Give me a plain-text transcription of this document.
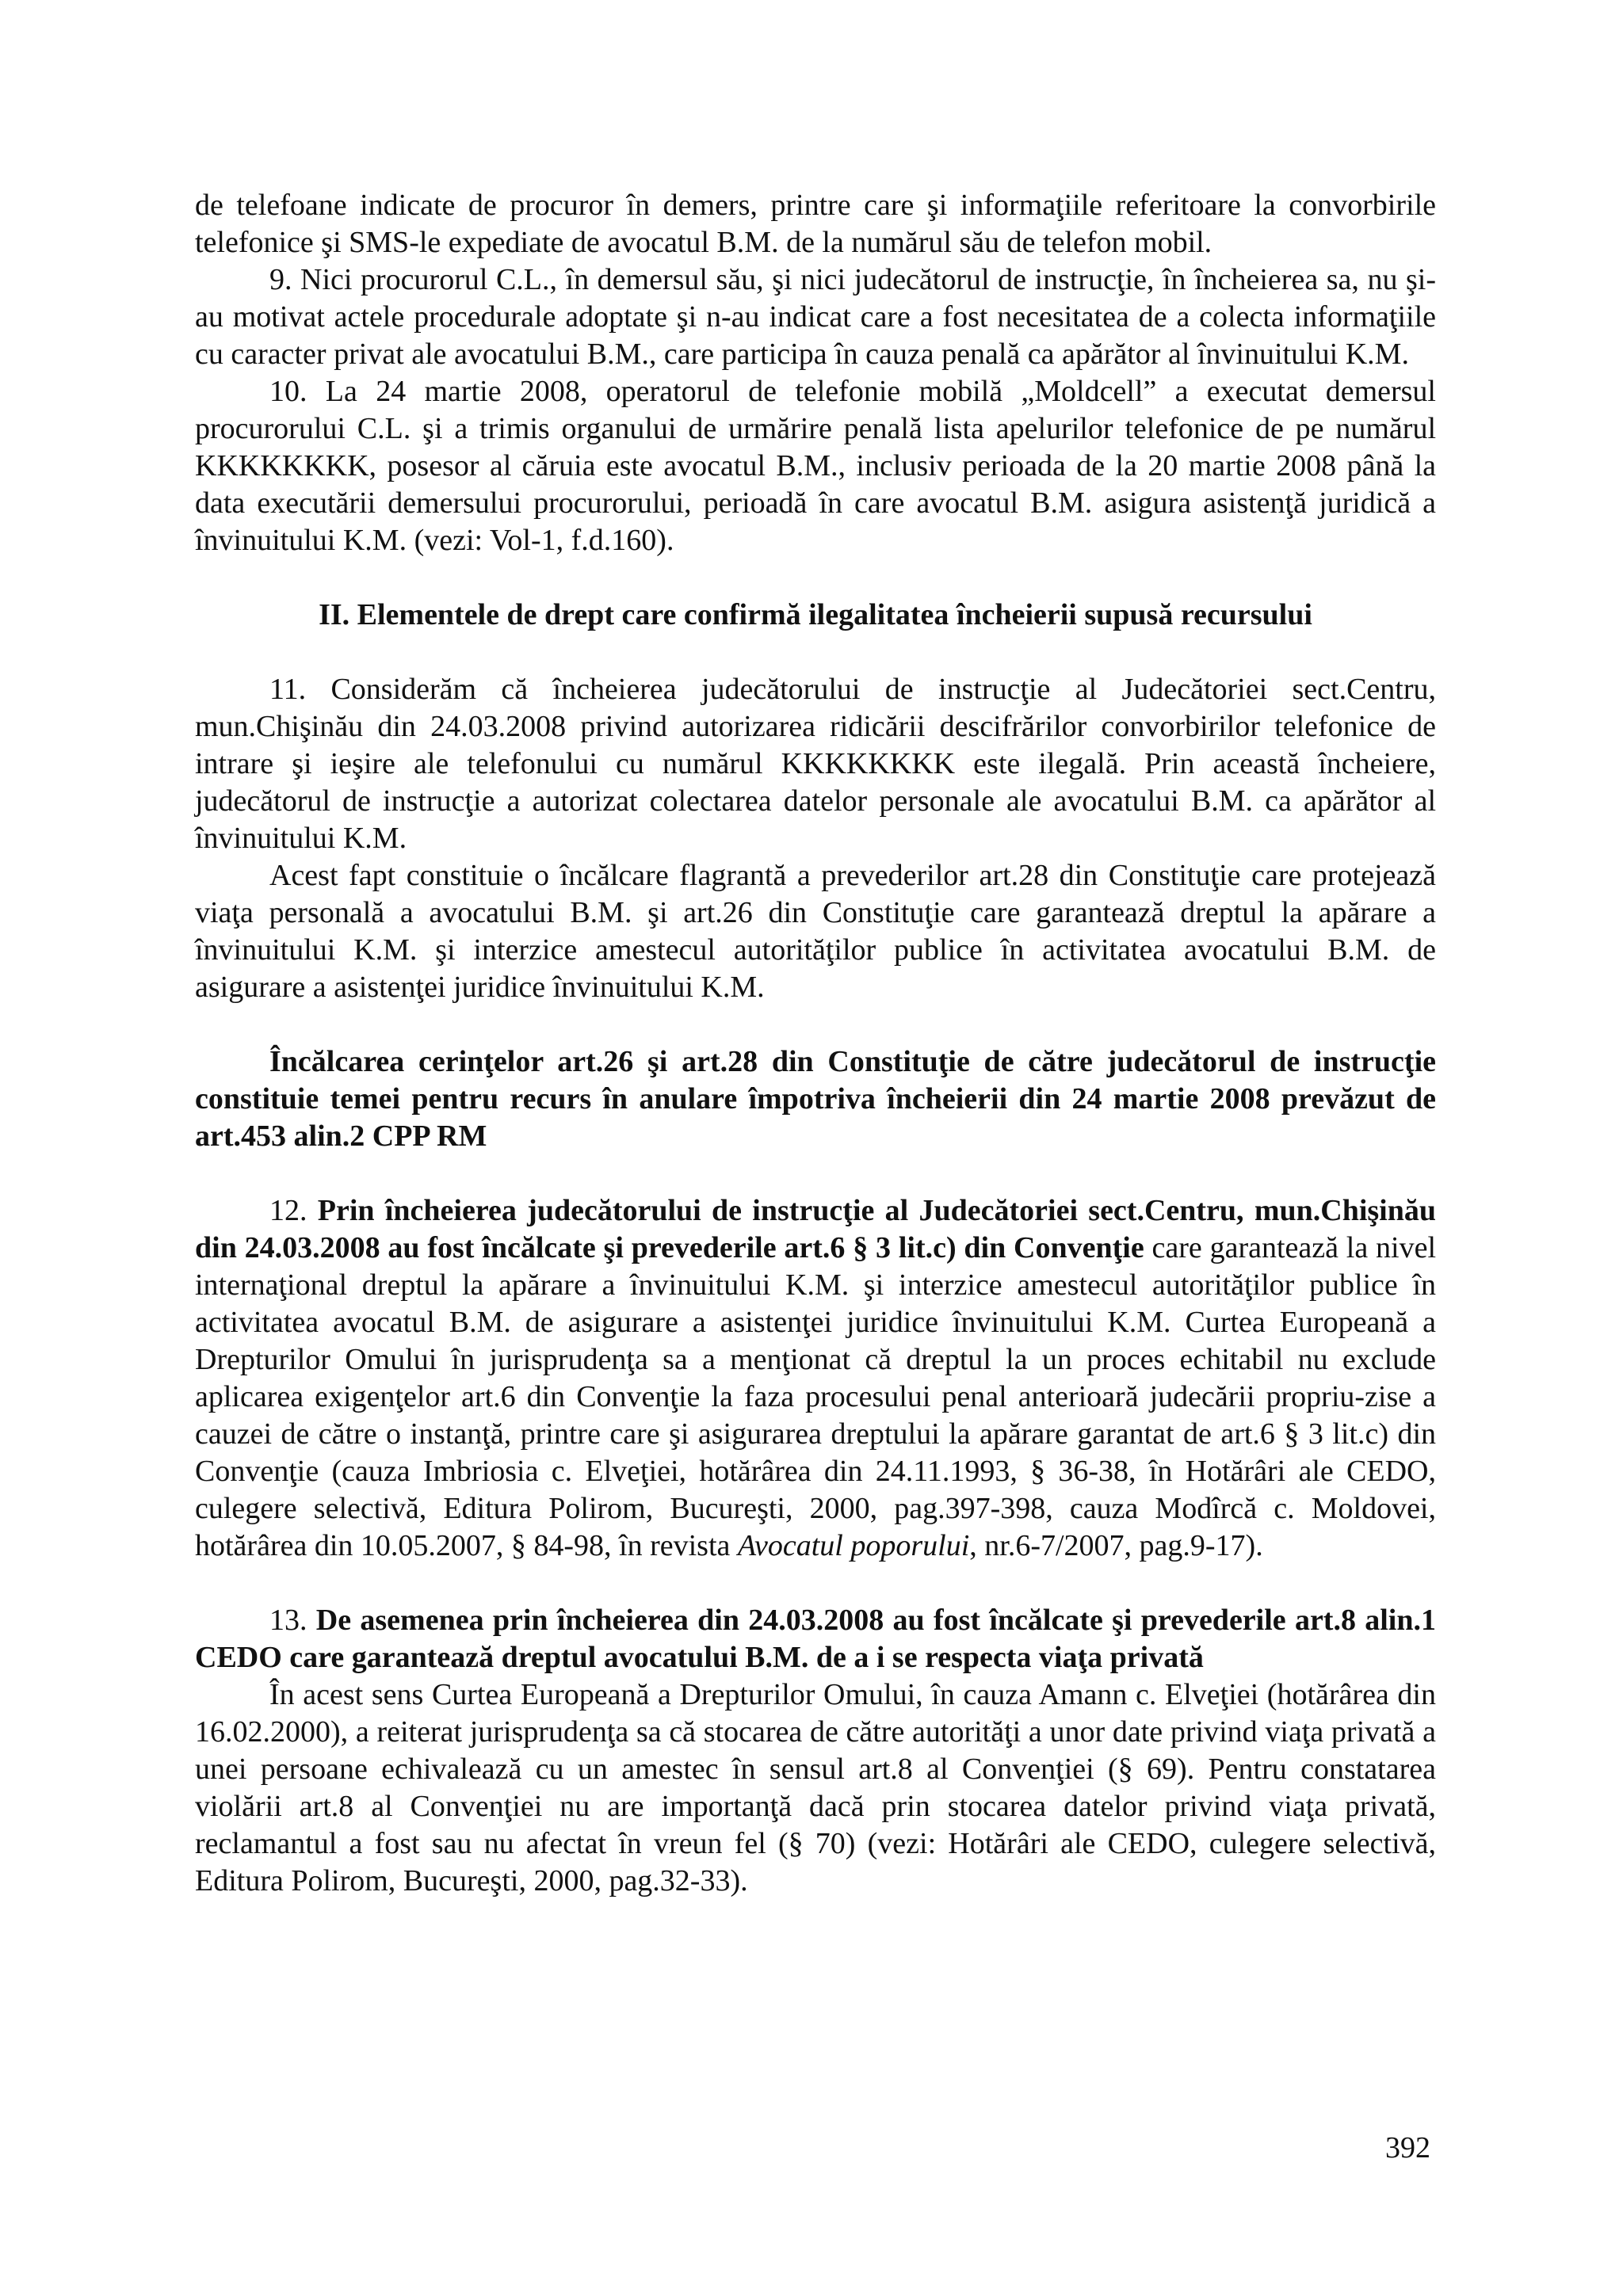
de telefoane indicate de procuror în demers, printre care şi informaţiile referitoare la convorbirile telefonice şi SMS-le expediate de avocatul B.M. de la numărul său de telefon mobil.

9. Nici procurorul C.L., în demersul său, şi nici judecătorul de instrucţie, în încheierea sa, nu şi-au motivat actele procedurale adoptate şi n-au indicat care a fost necesitatea de a colecta informaţiile cu caracter privat ale avocatului B.M., care participa în cauza penală ca apărător al învinuitului K.M.

10. La 24 martie 2008, operatorul de telefonie mobilă „Moldcell” a executat demersul procurorului C.L. şi a trimis organului de urmărire penală lista apelurilor telefonice de pe numărul KKKKKKKK, posesor al căruia este avocatul B.M., inclusiv perioada de la 20 martie 2008 până la data executării demersului procurorului, perioadă în care avocatul B.M. asigura asistenţă juridică a învinuitului K.M. (vezi: Vol-1, f.d.160).

II. Elementele de drept care confirmă ilegalitatea încheierii supusă recursului

11. Considerăm că încheierea judecătorului de instrucţie al Judecătoriei sect.Centru, mun.Chişinău din 24.03.2008 privind autorizarea ridicării descifrărilor convorbirilor telefonice de intrare şi ieşire ale telefonului cu numărul KKKKKKKK este ilegală. Prin această încheiere, judecătorul de instrucţie a autorizat colectarea datelor personale ale avocatului B.M. ca apărător al învinuitului K.M.

Acest fapt constituie o încălcare flagrantă a prevederilor art.28 din Constituţie care protejează viaţa personală a avocatului B.M. şi art.26 din Constituţie care garantează dreptul la apărare a învinuitului K.M. şi interzice amestecul autorităţilor publice în activitatea avocatului B.M. de asigurare a asistenţei juridice învinuitului K.M.

Încălcarea cerinţelor art.26 şi art.28 din Constituţie de către judecătorul de instrucţie constituie temei pentru recurs în anulare împotriva încheierii din 24 martie 2008 prevăzut de art.453 alin.2 CPP RM

12. Prin încheierea judecătorului de instrucţie al Judecătoriei sect.Centru, mun.Chişinău din 24.03.2008 au fost încălcate şi prevederile art.6 § 3 lit.c) din Convenţie care garantează la nivel internaţional dreptul la apărare a învinuitului K.M. şi interzice amestecul autorităţilor publice în activitatea avocatul B.M. de asigurare a asistenţei juridice învinuitului K.M. Curtea Europeană a Drepturilor Omului în jurisprudenţa sa a menţionat că dreptul la un proces echitabil nu exclude aplicarea exigenţelor art.6 din Convenţie la faza procesului penal anterioară judecării propriu-zise a cauzei de către o instanţă, printre care şi asigurarea dreptului la apărare garantat de art.6 § 3 lit.c) din Convenţie (cauza Imbriosia c. Elveţiei, hotărârea din 24.11.1993, § 36-38, în Hotărâri ale CEDO, culegere selectivă, Editura Polirom, Bucureşti, 2000, pag.397-398, cauza Modîrcă c. Moldovei, hotărârea din 10.05.2007, § 84-98, în revista Avocatul poporului, nr.6-7/2007, pag.9-17).

13. De asemenea prin încheierea din 24.03.2008 au fost încălcate şi prevederile art.8 alin.1 CEDO care garantează dreptul avocatului B.M. de a i se respecta viaţa privată

În acest sens Curtea Europeană a Drepturilor Omului, în cauza Amann c. Elveţiei (hotărârea din 16.02.2000), a reiterat jurisprudenţa sa că stocarea de către autorităţi a unor date privind viaţa privată a unei persoane echivalează cu un amestec în sensul art.8 al Convenţiei (§ 69). Pentru constatarea violării art.8 al Convenţiei nu are importanţă dacă prin stocarea datelor privind viaţa privată, reclamantul a fost sau nu afectat în vreun fel (§ 70) (vezi: Hotărâri ale CEDO, culegere selectivă, Editura Polirom, Bucureşti, 2000, pag.32-33).

392
